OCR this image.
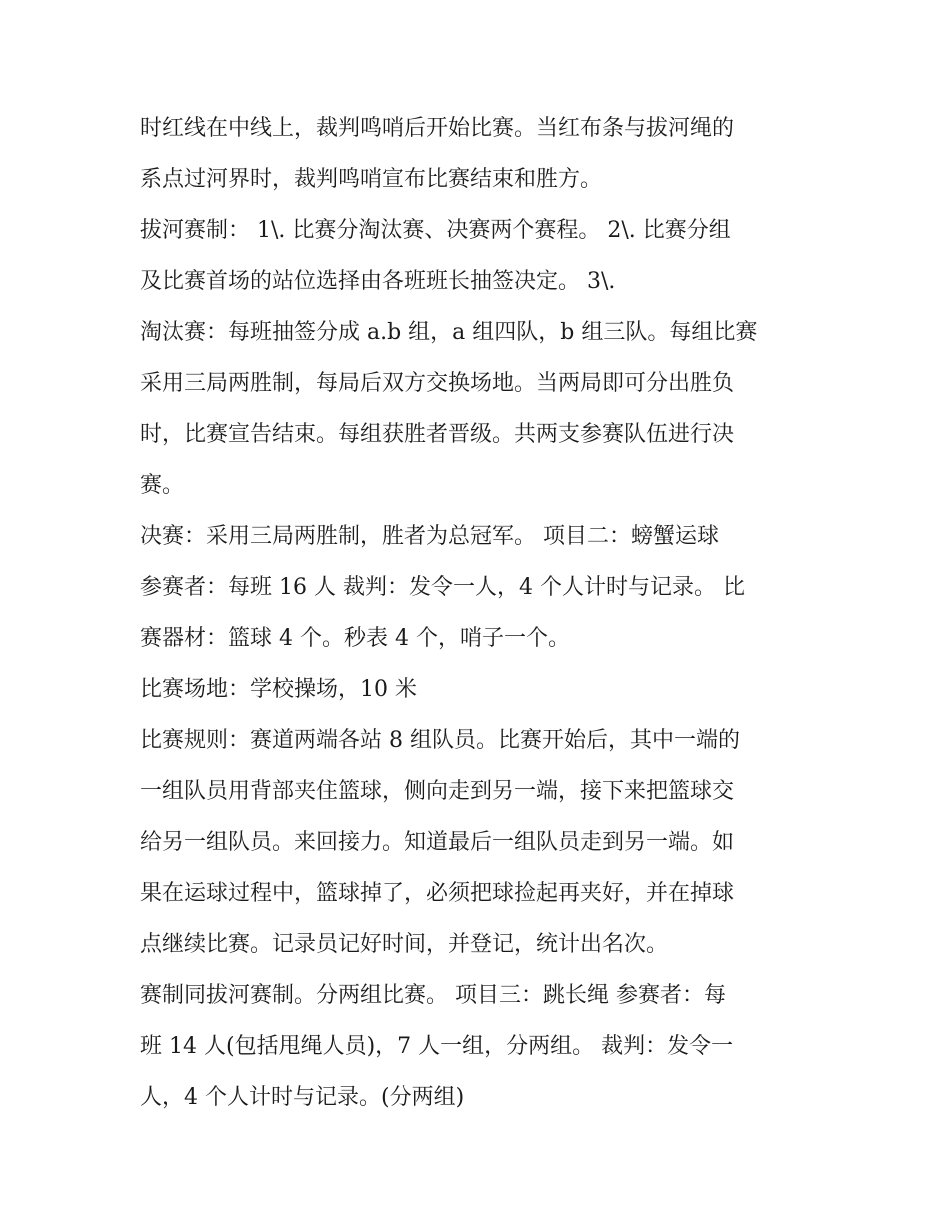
时红线在中线上，裁判鸣哨后开始比赛。当红布条与拔河绳的
系点过河界时，裁判鸣哨宣布比赛结束和胜方。

拔河赛制： 1\. 比赛分淘汰赛、决赛两个赛程。 2\. 比赛分组
及比赛首场的站位选择由各班班长抽签决定。 3\.

淘汰赛：每班抽签分成 a.b 组，a 组四队，b 组三队。每组比赛
采用三局两胜制，每局后双方交换场地。当两局即可分出胜负
时，比赛宣告结束。每组获胜者晋级。共两支参赛队伍进行决
赛。

决赛：采用三局两胜制，胜者为总冠军。 项目二：螃蟹运球
参赛者：每班 16 人 裁判：发令一人，4 个人计时与记录。 比
赛器材：篮球 4 个。秒表 4 个，哨子一个。

比赛场地：学校操场，10 米

比赛规则：赛道两端各站 8 组队员。比赛开始后，其中一端的
一组队员用背部夹住篮球，侧向走到另一端，接下来把篮球交
给另一组队员。来回接力。知道最后一组队员走到另一端。如
果在运球过程中，篮球掉了，必须把球捡起再夹好，并在掉球
点继续比赛。记录员记好时间，并登记，统计出名次。

赛制同拔河赛制。分两组比赛。 项目三：跳长绳 参赛者：每
班 14 人(包括甩绳人员)，7 人一组，分两组。 裁判：发令一
人，4 个人计时与记录。(分两组)
